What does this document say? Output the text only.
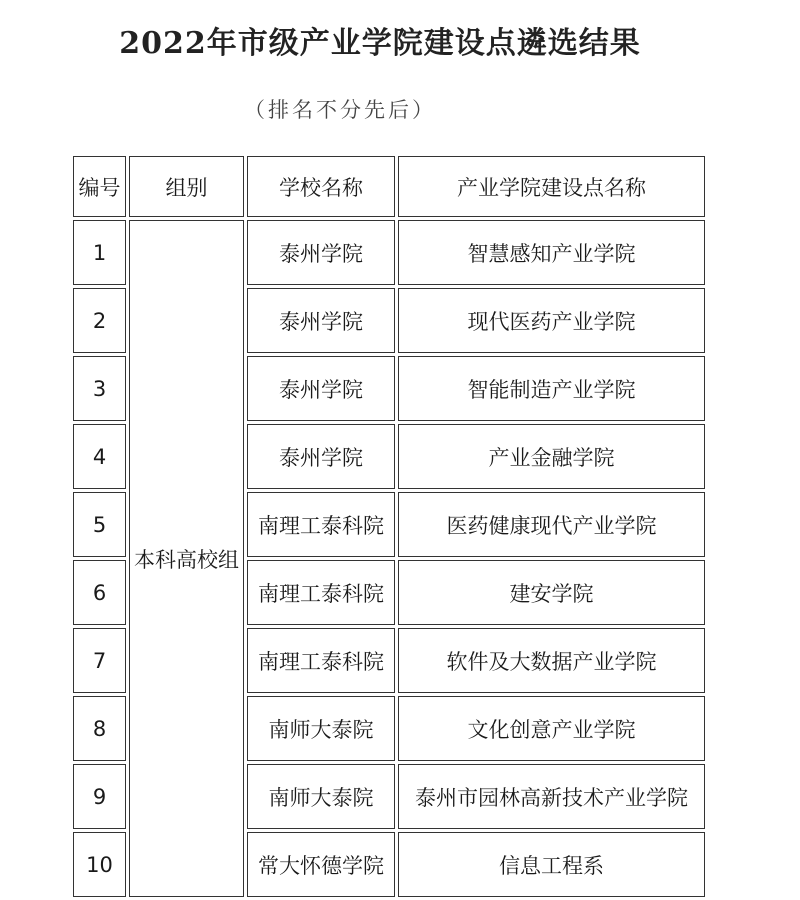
2022年市级产业学院建设点遴选结果
（排名不分先后）
编号	组别	学校名称	产业学院建设点名称
1	本科高校组	泰州学院	智慧感知产业学院
2		泰州学院	现代医药产业学院
3		泰州学院	智能制造产业学院
4		泰州学院	产业金融学院
5		南理工泰科院	医药健康现代产业学院
6		南理工泰科院	建安学院
7		南理工泰科院	软件及大数据产业学院
8		南师大泰院	文化创意产业学院
9		南师大泰院	泰州市园林高新技术产业学院
10		常大怀德学院	信息工程系
